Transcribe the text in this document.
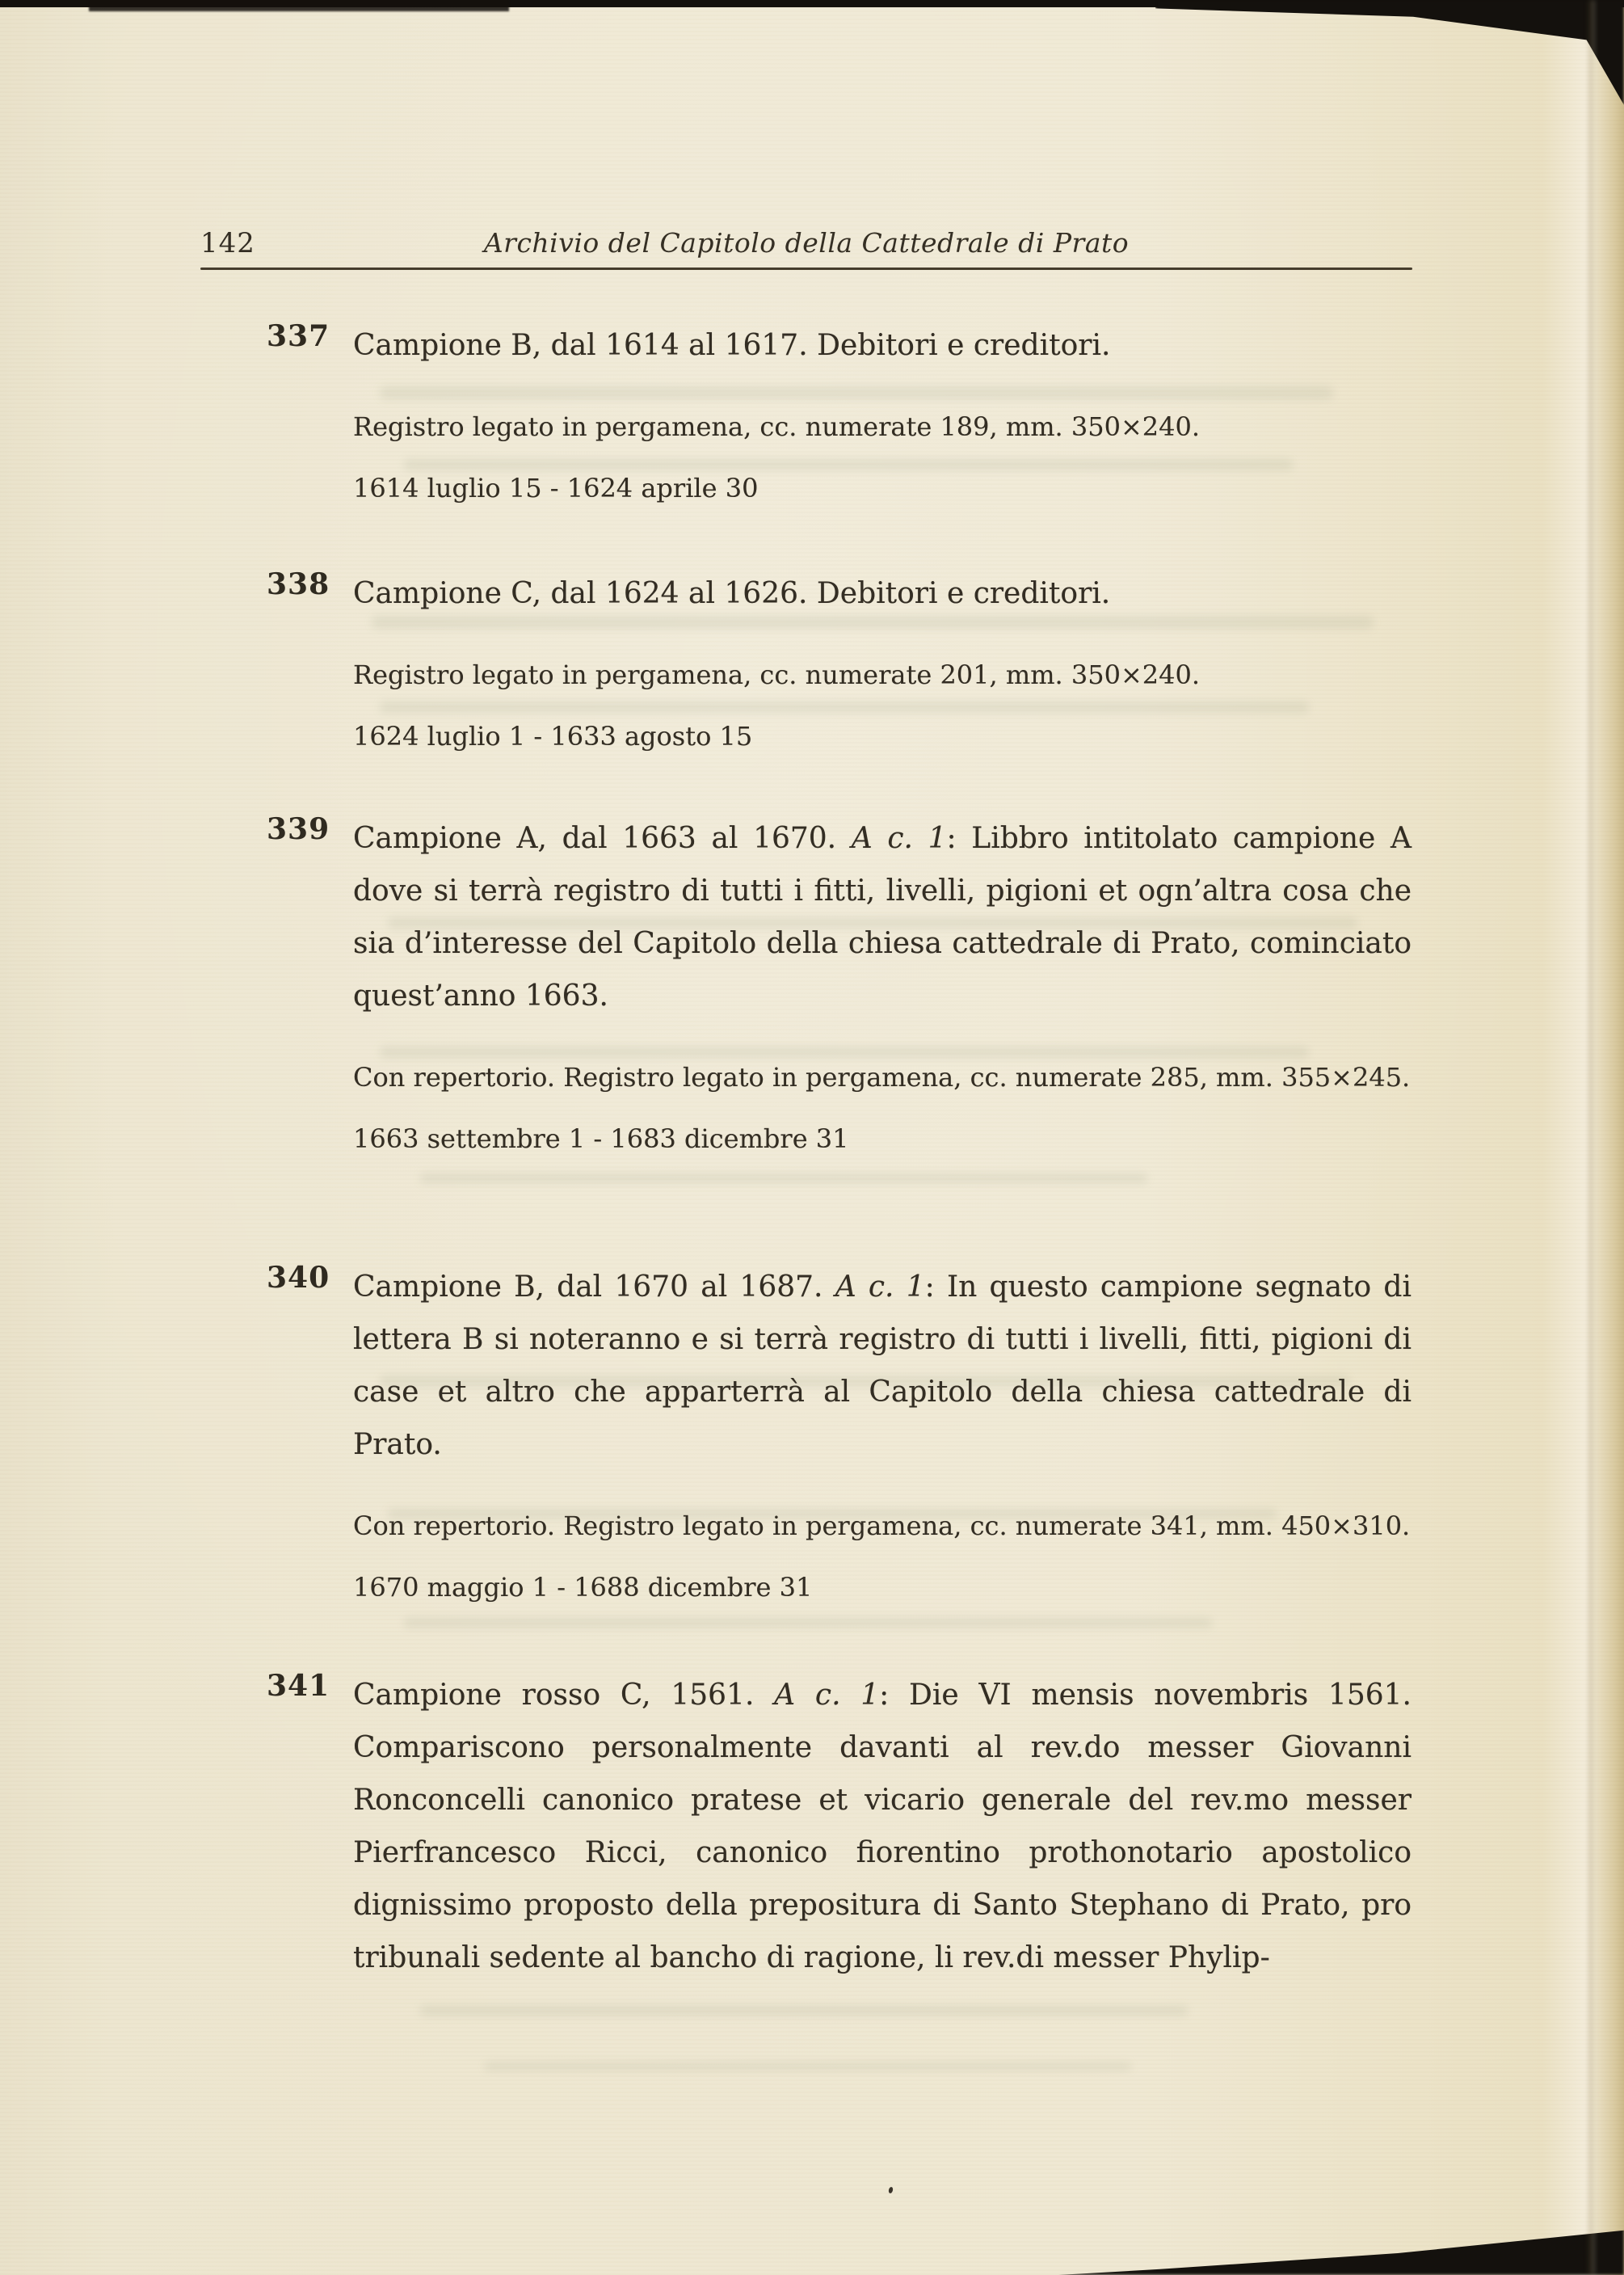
142	Archivio del Capitolo della Cattedrale di Prato
337 Campione B, dal 1614 al 1617. Debitori e creditori.

Registro legato in pergamena, cc. numerate 189, mm. 350×240.

1614 luglio 15 - 1624 aprile 30

338 Campione C, dal 1624 al 1626. Debitori e creditori.

Registro legato in pergamena, cc. numerate 201, mm. 350×240.

1624 luglio 1 - 1633 agosto 15

339 Campione A, dal 1663 al 1670. A c. 1: Libbro intitolato campione A dove si terrà registro di tutti i fitti, livelli, pigioni et ogn’altra cosa che sia d’interesse del Capitolo della chiesa cattedrale di Prato, cominciato quest’anno 1663.

Con repertorio. Registro legato in pergamena, cc. numerate 285, mm. 355×245.

1663 settembre 1 - 1683 dicembre 31

340 Campione B, dal 1670 al 1687. A c. 1: In questo campione segnato di lettera B si noteranno e si terrà registro di tutti i livelli, fitti, pigioni di case et altro che apparterrà al Capitolo della chiesa cattedrale di Prato.

Con repertorio. Registro legato in pergamena, cc. numerate 341, mm. 450×310.

1670 maggio 1 - 1688 dicembre 31

341 Campione rosso C, 1561. A c. 1: Die VI mensis novembris 1561. Compariscono personalmente davanti al rev.do messer Giovanni Ronconcelli canonico pratese et vicario generale del rev.mo messer Pierfrancesco Ricci, canonico fiorentino prothonotario apostolico dignissimo proposto della prepositura di Santo Stephano di Prato, pro tribunali sedente al bancho di ragione, li rev.di messer Phylip-
